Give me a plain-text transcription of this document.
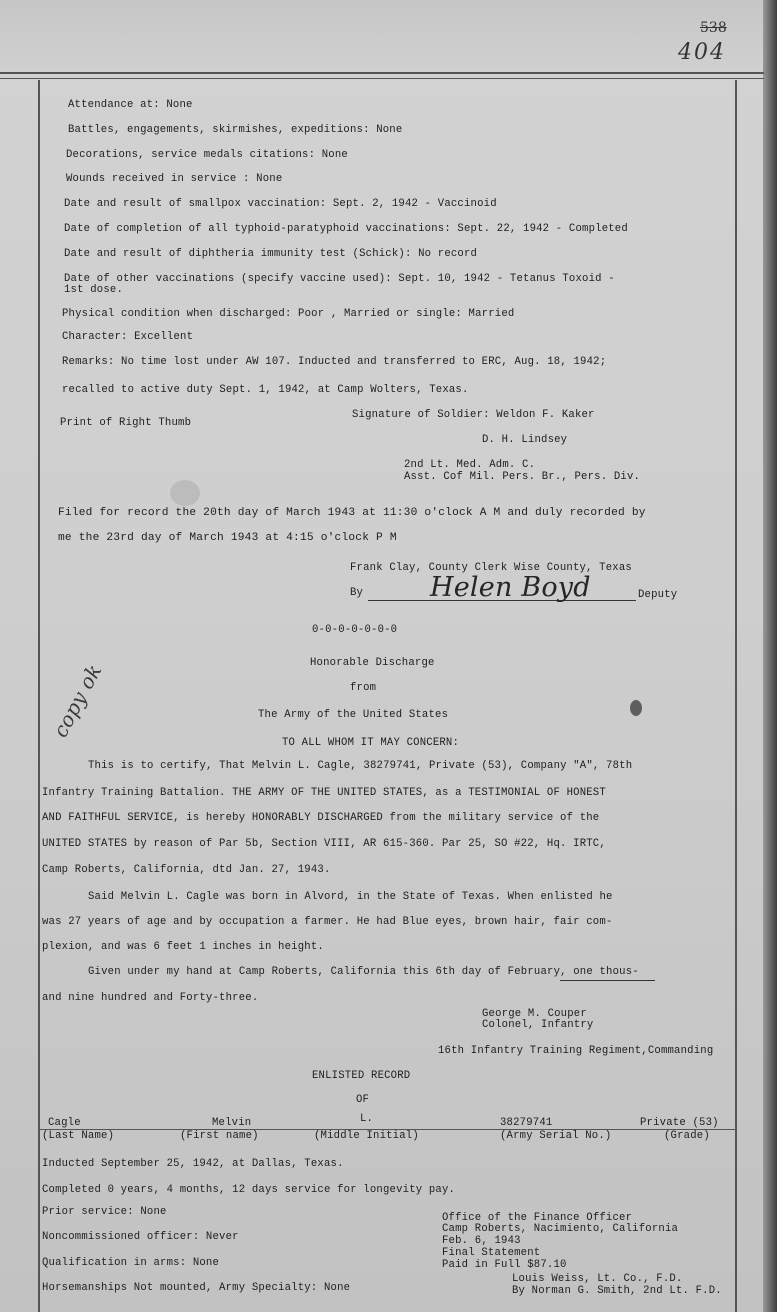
538
404
Attendance at: None
Battles, engagements, skirmishes, expeditions: None
Decorations, service medals citations: None
Wounds received in service : None
Date and result of smallpox vaccination: Sept. 2, 1942 - Vaccinoid
Date of completion of all typhoid-paratyphoid vaccinations: Sept. 22, 1942 - Completed
Date and result of diphtheria immunity test (Schick): No record
Date of other vaccinations (specify vaccine used): Sept. 10, 1942 - Tetanus Toxoid -
1st dose.
Physical condition when discharged: Poor , Married or single: Married
Character: Excellent
Remarks: No time lost under AW 107. Inducted and transferred to ERC, Aug. 18, 1942;
recalled to active duty Sept. 1, 1942, at Camp Wolters, Texas.
Signature of Soldier: Weldon F. Kaker
Print of Right Thumb
D. H. Lindsey
2nd Lt. Med. Adm. C.
Asst. Cof Mil. Pers. Br., Pers. Div.
Filed for record the 20th day of March 1943 at 11:30 o'clock A M and duly recorded by
me the 23rd day of March 1943 at 4:15 o'clock P M
Frank Clay, County Clerk Wise County, Texas
By Helen Boyd	Deputy
0-0-0-0-0-0-0
copy ok	Honorable Discharge
from
The Army of the United States
TO ALL WHOM IT MAY CONCERN:
This is to certify, That Melvin L. Cagle, 38279741, Private (53), Company "A", 78th
Infantry Training Battalion. THE ARMY OF THE UNITED STATES, as a TESTIMONIAL OF HONEST
AND FAITHFUL SERVICE, is hereby HONORABLY DISCHARGED from the military service of the
UNITED STATES by reason of Par 5b, Section VIII, AR 615-360. Par 25, SO #22, Hq. IRTC,
Camp Roberts, California, dtd Jan. 27, 1943.
Said Melvin L. Cagle was born in Alvord, in the State of Texas. When enlisted he
was 27 years of age and by occupation a farmer. He had Blue eyes, brown hair, fair com-
plexion, and was 6 feet 1 inches in height.
Given under my hand at Camp Roberts, California this 6th day of February, one thous-
and nine hundred and Forty-three.
George M. Couper
Colonel, Infantry
16th Infantry Training Regiment,Commanding
ENLISTED RECORD
OF
Cagle	Melvin	L.	38279741	Private (53)
(Last Name)	(First name)	(Middle Initial)	(Army Serial No.)	(Grade)
Inducted September 25, 1942, at Dallas, Texas.
Completed 0 years, 4 months, 12 days service for longevity pay.
Prior service: None
Noncommissioned officer: Never
Qualification in arms: None
Horsemanships Not mounted, Army Specialty: None
Office of the Finance Officer
Camp Roberts, Nacimiento, California
Feb. 6, 1943
Final Statement
Paid in Full $87.10
Louis Weiss, Lt. Co., F.D.
By Norman G. Smith, 2nd Lt. F.D.
